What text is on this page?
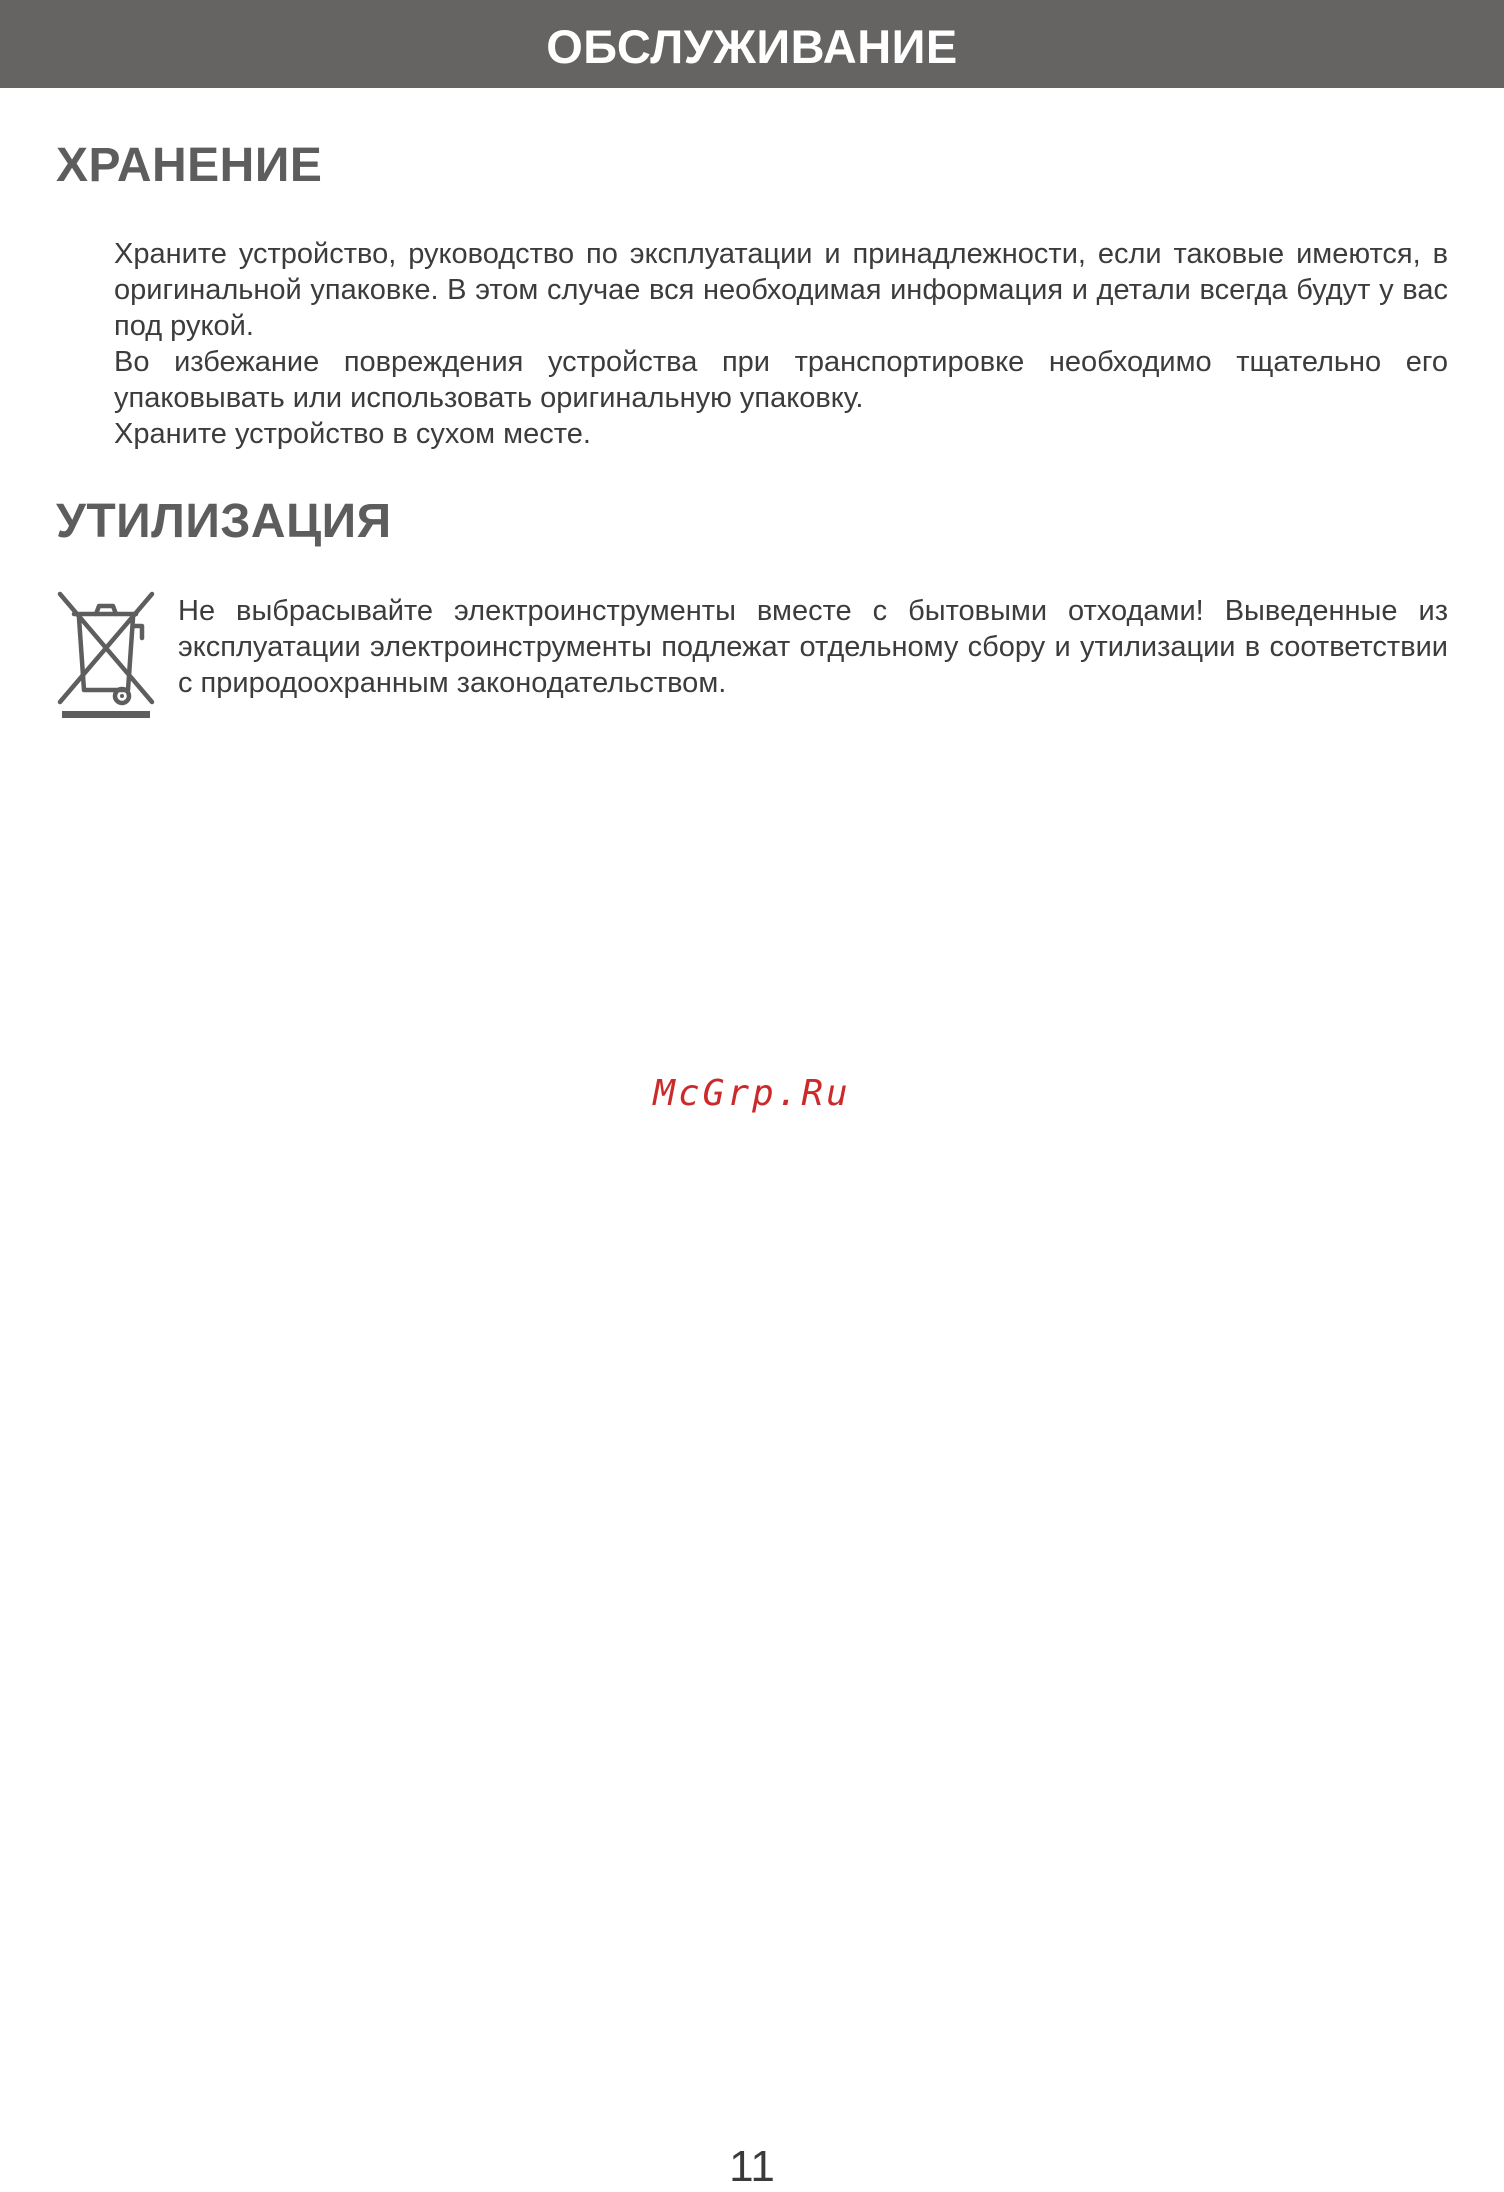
ОБСЛУЖИВАНИЕ
ХРАНЕНИЕ

Храните устройство, руководство по эксплуатации и принадлежности, если таковые имеются, в оригинальной упаковке. В этом случае вся необходимая информация и детали всегда будут у вас под рукой.

Во избежание повреждения устройства при транспортировке необходимо тщательно его упаковывать или использовать оригинальную упаковку.

Храните устройство в сухом месте.

УТИЛИЗАЦИЯ

Не выбрасывайте электроинструменты вместе с бытовыми отходами! Выведенные из эксплуатации электроинструменты подлежат отдельному сбору и утилизации в соответствии с природоохранным законодательством.

McGrp.Ru
11
